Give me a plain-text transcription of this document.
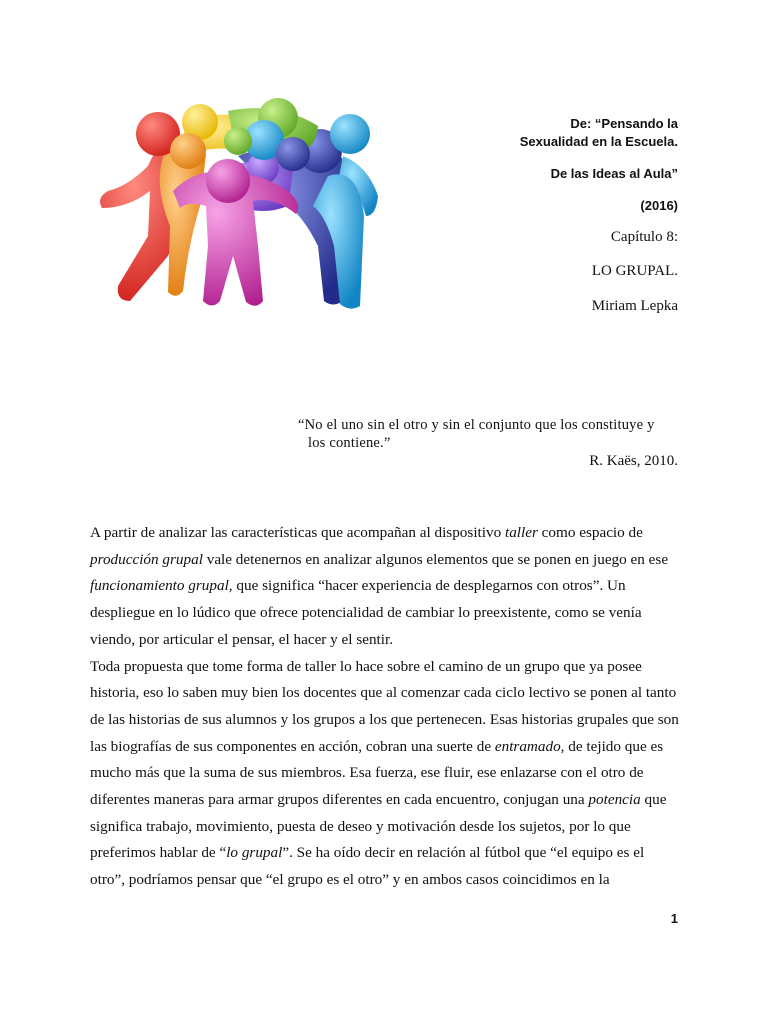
De: “Pensando la
Sexualidad en la Escuela.
De las Ideas al Aula”
(2016)
Capítulo 8:
LO GRUPAL.
Miriam Lepka
“No el uno sin el otro y sin el conjunto que los constituye y
los contiene.”
R. Kaës, 2010.

A partir de analizar las características que acompañan al dispositivo taller como espacio de producción grupal vale detenernos en analizar algunos elementos que se ponen en juego en ese funcionamiento grupal, que significa “hacer experiencia de desplegarnos con otros”. Un despliegue en lo lúdico que ofrece potencialidad de cambiar lo preexistente, como se venía viendo, por articular el pensar, el hacer y el sentir.

Toda propuesta que tome forma de taller lo hace sobre el camino de un grupo que ya posee historia, eso lo saben muy bien los docentes que al comenzar cada ciclo lectivo se ponen al tanto de las historias de sus alumnos y los grupos a los que pertenecen. Esas historias grupales que son las biografías de sus componentes en acción, cobran una suerte de entramado, de tejido que es mucho más que la suma de sus miembros. Esa fuerza, ese fluir, ese enlazarse con el otro de diferentes maneras para armar grupos diferentes en cada encuentro, conjugan una potencia que significa trabajo, movimiento, puesta de deseo y motivación desde los sujetos, por lo que preferimos hablar de “lo grupal”. Se ha oído decir en relación al fútbol que “el equipo es el otro”, podríamos pensar que “el grupo es el otro” y en ambos casos coincidimos en la

1
